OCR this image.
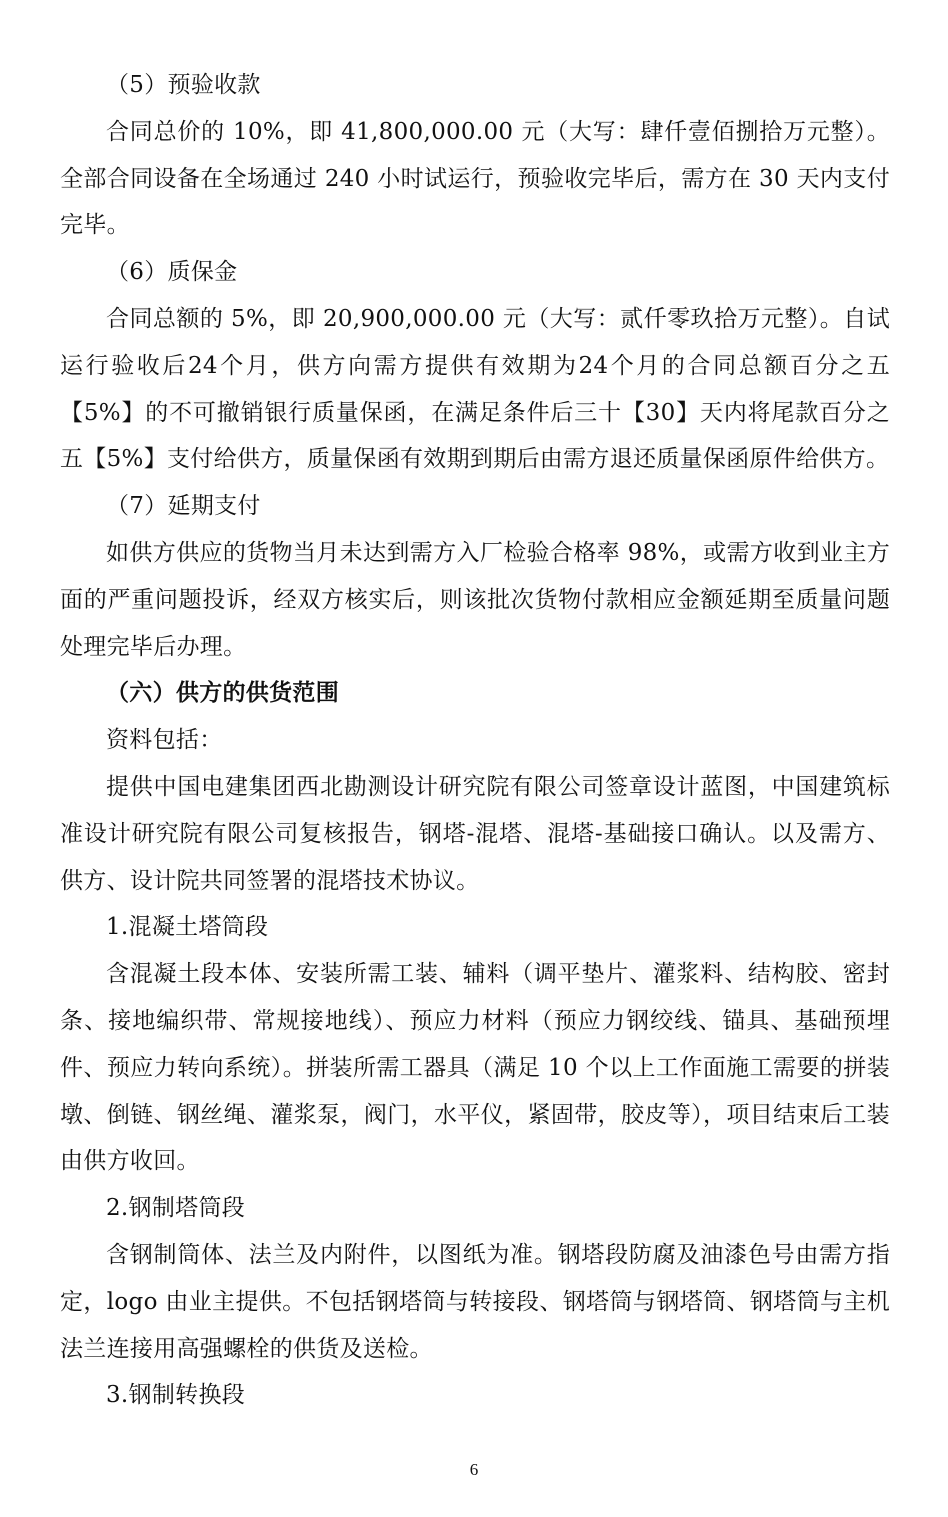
（5）预验收款

合同总价的 10%，即 41,800,000.00 元（大写：肆仟壹佰捌拾万元整）。全部合同设备在全场通过 240 小时试运行，预验收完毕后，需方在 30 天内支付完毕。

（6）质保金

合同总额的 5%，即 20,900,000.00 元（大写：贰仟零玖拾万元整）。自试运行验收后24个月，供方向需方提供有效期为24个月的合同总额百分之五【5%】的不可撤销银行质量保函，在满足条件后三十【30】天内将尾款百分之五【5%】支付给供方，质量保函有效期到期后由需方退还质量保函原件给供方。

（7）延期支付

如供方供应的货物当月未达到需方入厂检验合格率 98%，或需方收到业主方面的严重问题投诉，经双方核实后，则该批次货物付款相应金额延期至质量问题处理完毕后办理。

（六）供方的供货范围

资料包括：

提供中国电建集团西北勘测设计研究院有限公司签章设计蓝图，中国建筑标准设计研究院有限公司复核报告，钢塔-混塔、混塔-基础接口确认。以及需方、供方、设计院共同签署的混塔技术协议。

1.混凝土塔筒段

含混凝土段本体、安装所需工装、辅料（调平垫片、灌浆料、结构胶、密封条、接地编织带、常规接地线）、预应力材料（预应力钢绞线、锚具、基础预埋件、预应力转向系统）。拼装所需工器具（满足 10 个以上工作面施工需要的拼装墩、倒链、钢丝绳、灌浆泵，阀门，水平仪，紧固带，胶皮等），项目结束后工装由供方收回。

2.钢制塔筒段

含钢制筒体、法兰及内附件，以图纸为准。钢塔段防腐及油漆色号由需方指定，logo 由业主提供。不包括钢塔筒与转接段、钢塔筒与钢塔筒、钢塔筒与主机法兰连接用高强螺栓的供货及送检。

3.钢制转换段

6
